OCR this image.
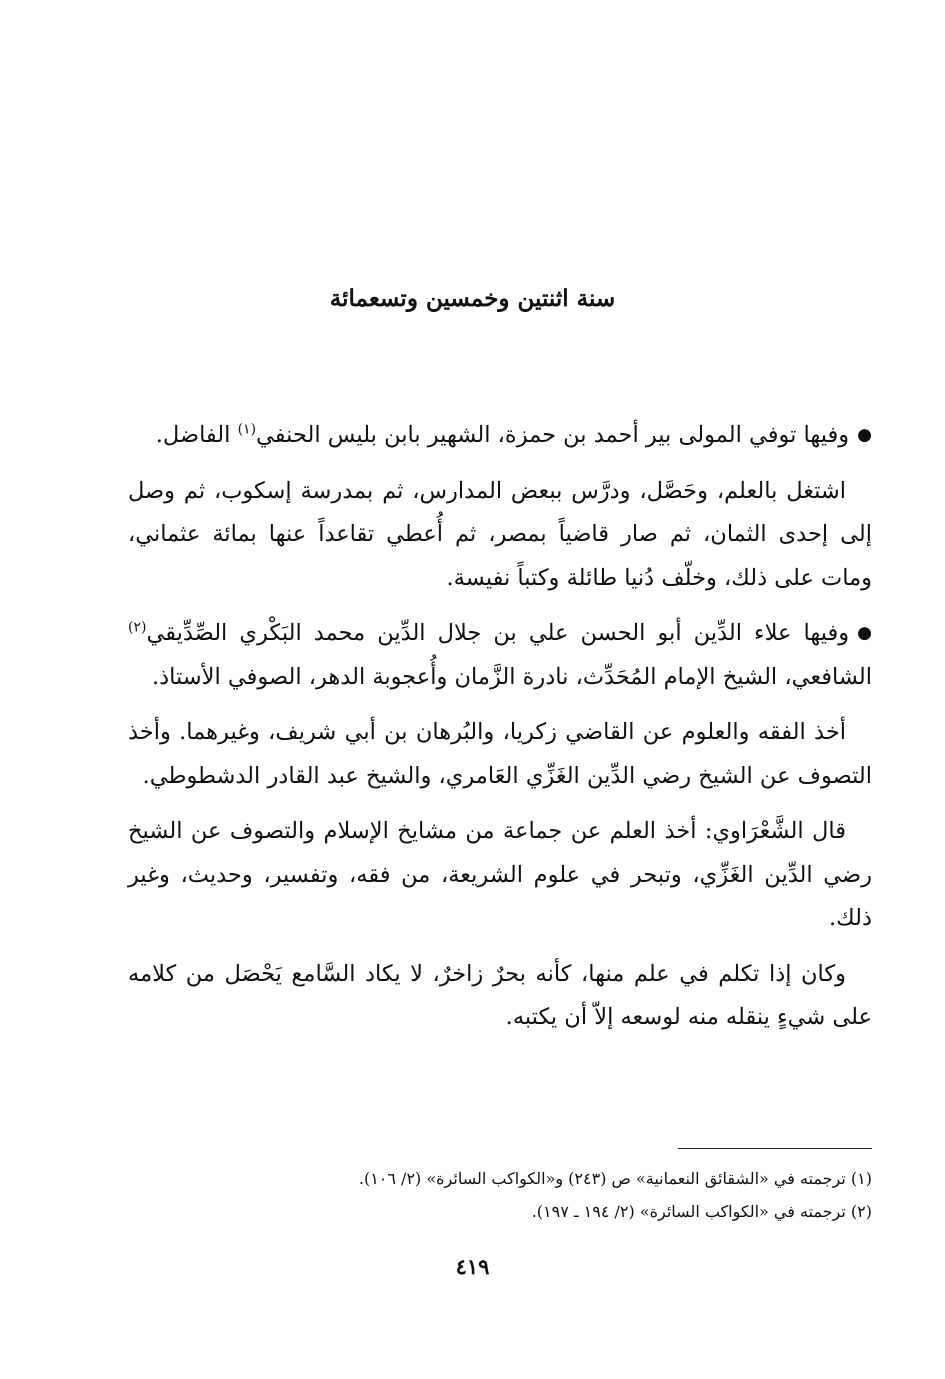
سنة اثنتين وخمسين وتسعمائة

●وفيها توفي المولى بير أحمد بن حمزة، الشهير بابن بليس الحنفي$^{(١)}$ الفاضل.

اشتغل بالعلم، وحَصَّل، ودرَّس ببعض المدارس، ثم بمدرسة إسكوب، ثم وصل إلى إحدى الثمان، ثم صار قاضياً بمصر، ثم أُعطي تقاعداً عنها بمائة عثماني، ومات على ذلك، وخلّف دُنيا طائلة وكتباً نفيسة.

●وفيها علاء الدِّين أبو الحسن علي بن جلال الدِّين محمد البَكْري الصِّدِّيقي$^{(٢)}$ الشافعي، الشيخ الإمام المُحَدِّث، نادرة الزَّمان وأُعجوبة الدهر، الصوفي الأستاذ.

أخذ الفقه والعلوم عن القاضي زكريا، والبُرهان بن أبي شريف، وغيرهما. وأخذ التصوف عن الشيخ رضي الدِّين الغَزِّي العَامري، والشيخ عبد القادر الدشطوطي.

قال الشَّعْرَاوي: أخذ العلم عن جماعة من مشايخ الإسلام والتصوف عن الشيخ رضي الدِّين الغَزِّي، وتبحر في علوم الشريعة، من فقه، وتفسير، وحديث، وغير ذلك.

وكان إذا تكلم في علم منها، كأنه بحرٌ زاخرٌ، لا يكاد السَّامع يَحْصَل من كلامه على شيءٍ ينقله منه لوسعه إلاّ أن يكتبه.

(١) ترجمته في «الشقائق النعمانية» ص (٢٤٣) و«الكواكب السائرة» (٢/ ١٠٦).

(٢) ترجمته في «الكواكب السائرة» (٢/ ١٩٤ ـ ١٩٧).

٤١٩
